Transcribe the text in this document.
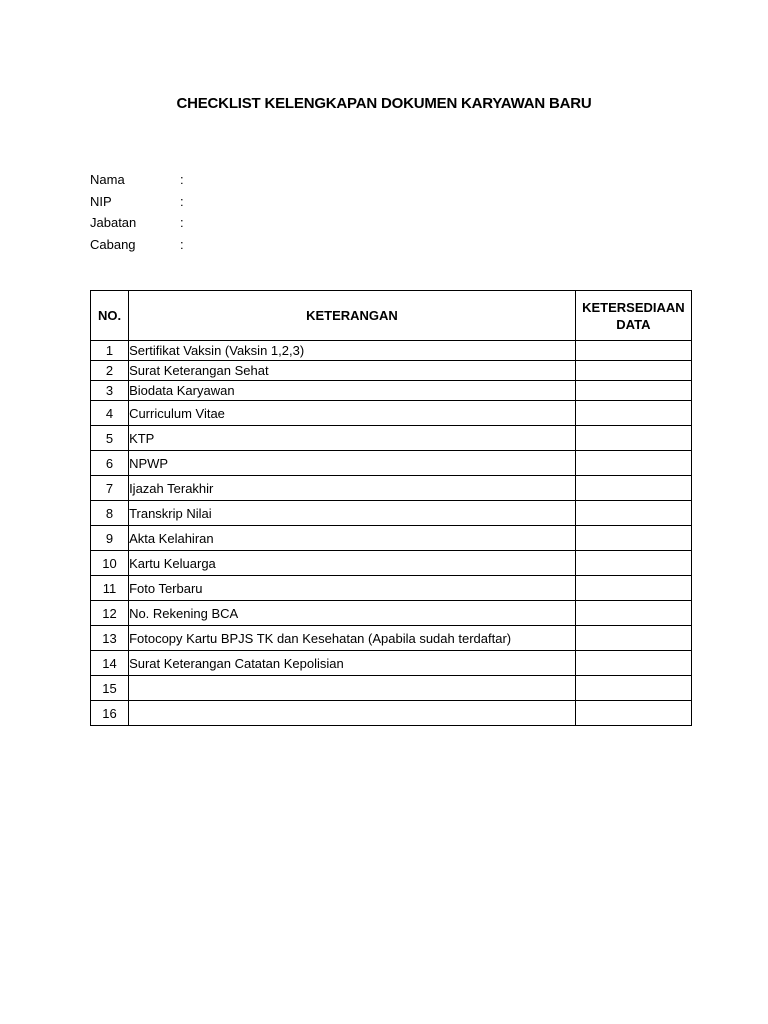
CHECKLIST KELENGKAPAN DOKUMEN KARYAWAN BARU
Nama	:
NIP	:
Jabatan	:
Cabang	:
NO.	KETERANGAN	KETERSEDIAAN
DATA

1	Sertifikat Vaksin (Vaksin 1,2,3)	
2	Surat Keterangan Sehat	
3	Biodata Karyawan	
4	Curriculum Vitae	
5	KTP	
6	NPWP	
7	Ijazah Terakhir	
8	Transkrip Nilai	
9	Akta Kelahiran	
10	Kartu Keluarga	
11	Foto Terbaru	
12	No. Rekening BCA	
13	Fotocopy Kartu BPJS TK dan Kesehatan (Apabila sudah terdaftar)	
14	Surat Keterangan Catatan Kepolisian	
15		
16		
